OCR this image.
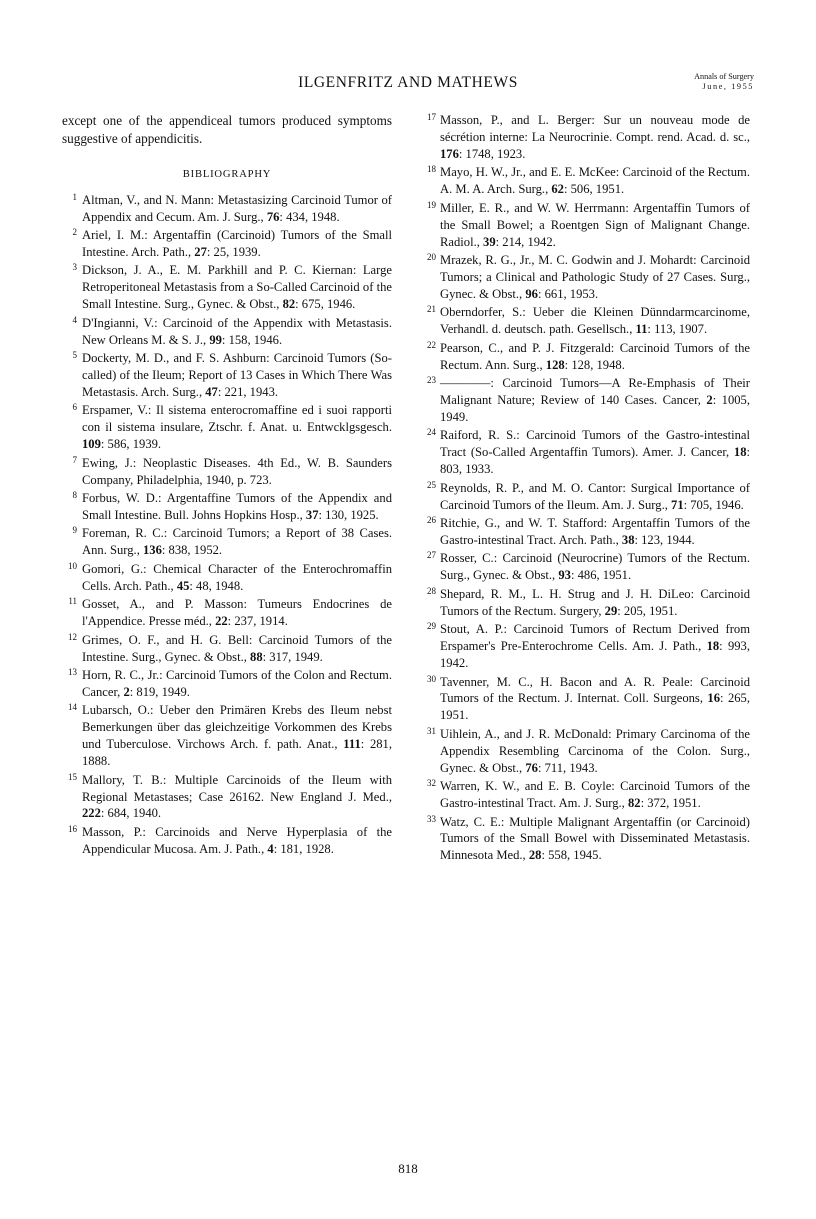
ILGENFRITZ AND MATHEWS	Annals of Surgery
June, 1955

except one of the appendiceal tumors produced symptoms suggestive of appendicitis.

BIBLIOGRAPHY
1 Altman, V., and N. Mann: Metastasizing Carcinoid Tumor of Appendix and Cecum. Am. J. Surg., 76: 434, 1948.
2 Ariel, I. M.: Argentaffin (Carcinoid) Tumors of the Small Intestine. Arch. Path., 27: 25, 1939.
3 Dickson, J. A., E. M. Parkhill and P. C. Kiernan: Large Retroperitoneal Metastasis from a So-Called Carcinoid of the Small Intestine. Surg., Gynec. & Obst., 82: 675, 1946.
4 D'Ingianni, V.: Carcinoid of the Appendix with Metastasis. New Orleans M. & S. J., 99: 158, 1946.
5 Dockerty, M. D., and F. S. Ashburn: Carcinoid Tumors (So-called) of the Ileum; Report of 13 Cases in Which There Was Metastasis. Arch. Surg., 47: 221, 1943.
6 Erspamer, V.: Il sistema enterocromaffine ed i suoi rapporti con il sistema insulare, Ztschr. f. Anat. u. Entwcklgsgesch. 109: 586, 1939.
7 Ewing, J.: Neoplastic Diseases. 4th Ed., W. B. Saunders Company, Philadelphia, 1940, p. 723.
8 Forbus, W. D.: Argentaffine Tumors of the Appendix and Small Intestine. Bull. Johns Hopkins Hosp., 37: 130, 1925.
9 Foreman, R. C.: Carcinoid Tumors; a Report of 38 Cases. Ann. Surg., 136: 838, 1952.
10 Gomori, G.: Chemical Character of the Enterochromaffin Cells. Arch. Path., 45: 48, 1948.
11 Gosset, A., and P. Masson: Tumeurs Endocrines de l'Appendice. Presse méd., 22: 237, 1914.
12 Grimes, O. F., and H. G. Bell: Carcinoid Tumors of the Intestine. Surg., Gynec. & Obst., 88: 317, 1949.
13 Horn, R. C., Jr.: Carcinoid Tumors of the Colon and Rectum. Cancer, 2: 819, 1949.
14 Lubarsch, O.: Ueber den Primären Krebs des Ileum nebst Bemerkungen über das gleichzeitige Vorkommen des Krebs und Tuberculose. Virchows Arch. f. path. Anat., 111: 281, 1888.
15 Mallory, T. B.: Multiple Carcinoids of the Ileum with Regional Metastases; Case 26162. New England J. Med., 222: 684, 1940.
16 Masson, P.: Carcinoids and Nerve Hyperplasia of the Appendicular Mucosa. Am. J. Path., 4: 181, 1928.
17 Masson, P., and L. Berger: Sur un nouveau mode de sécrétion interne: La Neurocrinie. Compt. rend. Acad. d. sc., 176: 1748, 1923.
18 Mayo, H. W., Jr., and E. E. McKee: Carcinoid of the Rectum. A. M. A. Arch. Surg., 62: 506, 1951.
19 Miller, E. R., and W. W. Herrmann: Argentaffin Tumors of the Small Bowel; a Roentgen Sign of Malignant Change. Radiol., 39: 214, 1942.
20 Mrazek, R. G., Jr., M. C. Godwin and J. Mohardt: Carcinoid Tumors; a Clinical and Pathologic Study of 27 Cases. Surg., Gynec. & Obst., 96: 661, 1953.
21 Oberndorfer, S.: Ueber die Kleinen Dünndarmcarcinome, Verhandl. d. deutsch. path. Gesellsch., 11: 113, 1907.
22 Pearson, C., and P. J. Fitzgerald: Carcinoid Tumors of the Rectum. Ann. Surg., 128: 128, 1948.
23 ————: Carcinoid Tumors—A Re-Emphasis of Their Malignant Nature; Review of 140 Cases. Cancer, 2: 1005, 1949.
24 Raiford, R. S.: Carcinoid Tumors of the Gastro-intestinal Tract (So-Called Argentaffin Tumors). Amer. J. Cancer, 18: 803, 1933.
25 Reynolds, R. P., and M. O. Cantor: Surgical Importance of Carcinoid Tumors of the Ileum. Am. J. Surg., 71: 705, 1946.
26 Ritchie, G., and W. T. Stafford: Argentaffin Tumors of the Gastro-intestinal Tract. Arch. Path., 38: 123, 1944.
27 Rosser, C.: Carcinoid (Neurocrine) Tumors of the Rectum. Surg., Gynec. & Obst., 93: 486, 1951.
28 Shepard, R. M., L. H. Strug and J. H. DiLeo: Carcinoid Tumors of the Rectum. Surgery, 29: 205, 1951.
29 Stout, A. P.: Carcinoid Tumors of Rectum Derived from Erspamer's Pre-Enterochrome Cells. Am. J. Path., 18: 993, 1942.
30 Tavenner, M. C., H. Bacon and A. R. Peale: Carcinoid Tumors of the Rectum. J. Internat. Coll. Surgeons, 16: 265, 1951.
31 Uihlein, A., and J. R. McDonald: Primary Carcinoma of the Appendix Resembling Carcinoma of the Colon. Surg., Gynec. & Obst., 76: 711, 1943.
32 Warren, K. W., and E. B. Coyle: Carcinoid Tumors of the Gastro-intestinal Tract. Am. J. Surg., 82: 372, 1951.
33 Watz, C. E.: Multiple Malignant Argentaffin (or Carcinoid) Tumors of the Small Bowel with Disseminated Metastasis. Minnesota Med., 28: 558, 1945.
818
